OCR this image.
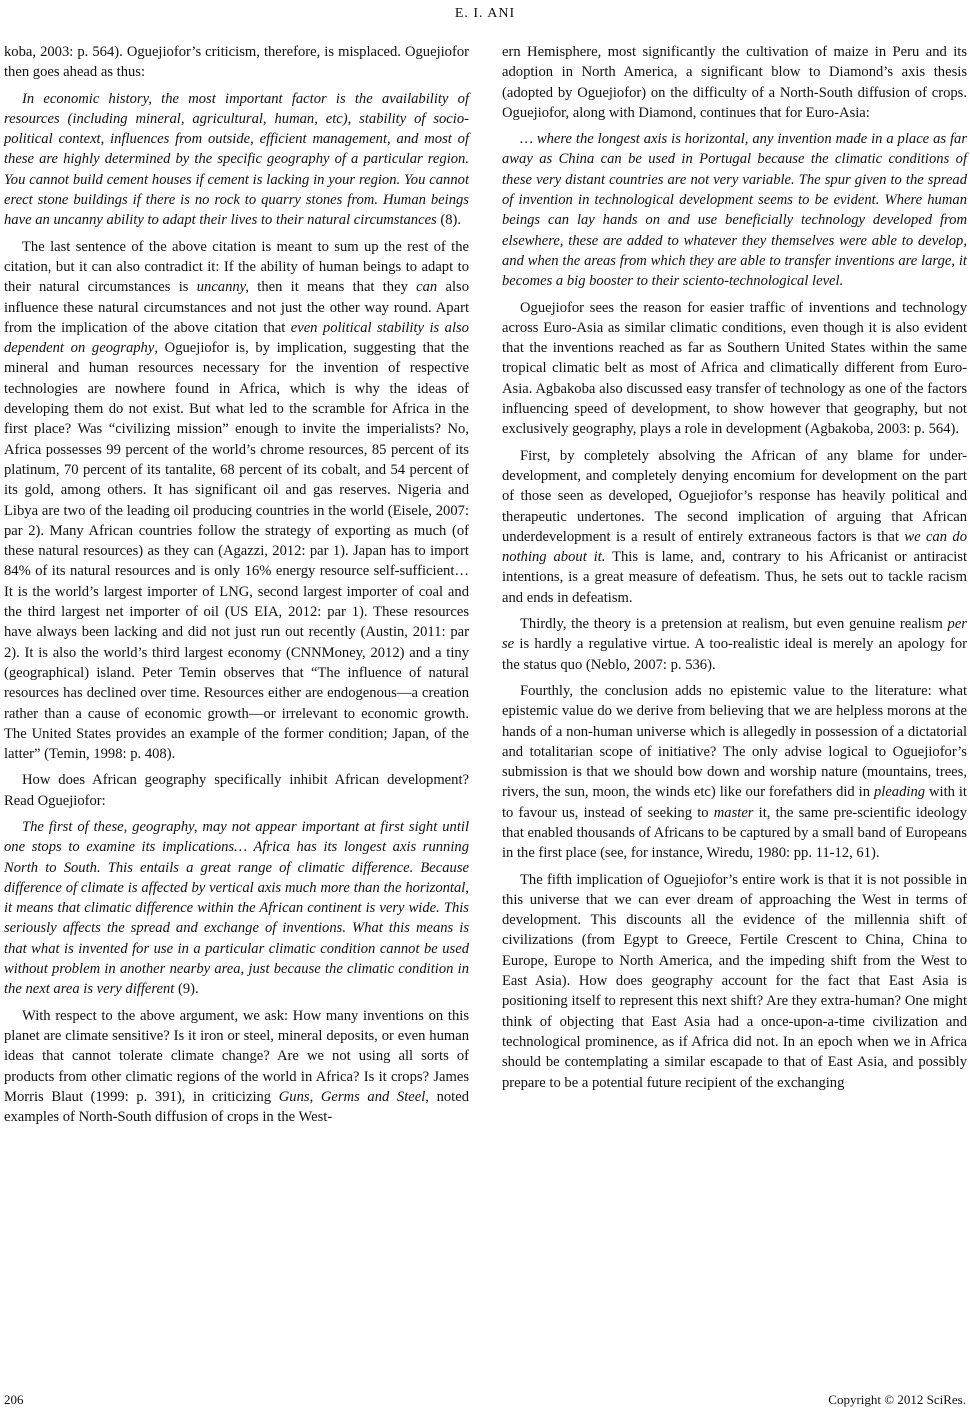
E. I. ANI

koba, 2003: p. 564). Oguejiofor’s criticism, therefore, is misplaced. Oguejiofor then goes ahead as thus:

In economic history, the most important factor is the availability of resources (including mineral, agricultural, human, etc), stability of socio-political context, influences from outside, efficient management, and most of these are highly determined by the specific geography of a particular region. You cannot build cement houses if cement is lacking in your region. You cannot erect stone buildings if there is no rock to quarry stones from. Human beings have an uncanny ability to adapt their lives to their natural circumstances (8).

The last sentence of the above citation is meant to sum up the rest of the citation, but it can also contradict it: If the ability of human beings to adapt to their natural circumstances is uncanny, then it means that they can also influence these natural circumstances and not just the other way round. Apart from the implication of the above citation that even political stability is also dependent on geography, Oguejiofor is, by implication, suggesting that the mineral and human resources necessary for the invention of respective technologies are nowhere found in Africa, which is why the ideas of developing them do not exist. But what led to the scramble for Africa in the first place? Was “civilizing mission” enough to invite the imperialists? No, Africa possesses 99 percent of the world’s chrome resources, 85 percent of its platinum, 70 percent of its tantalite, 68 percent of its cobalt, and 54 percent of its gold, among others. It has significant oil and gas reserves. Nigeria and Libya are two of the leading oil producing countries in the world (Eisele, 2007: par 2). Many African countries follow the strategy of exporting as much (of these natural resources) as they can (Agazzi, 2012: par 1). Japan has to import 84% of its natural resources and is only 16% energy resource self-sufficient… It is the world’s largest importer of LNG, second largest importer of coal and the third largest net importer of oil (US EIA, 2012: par 1). These resources have always been lacking and did not just run out recently (Austin, 2011: par 2). It is also the world’s third largest economy (CNNMoney, 2012) and a tiny (geographical) island. Peter Temin observes that “The influence of natural resources has declined over time. Resources either are endogenous—a creation rather than a cause of economic growth—or irrelevant to economic growth. The United States provides an example of the former condition; Japan, of the latter” (Temin, 1998: p. 408).

How does African geography specifically inhibit African development? Read Oguejiofor:

The first of these, geography, may not appear important at first sight until one stops to examine its implications… Africa has its longest axis running North to South. This entails a great range of climatic difference. Because difference of climate is affected by vertical axis much more than the horizontal, it means that climatic difference within the African continent is very wide. This seriously affects the spread and exchange of inventions. What this means is that what is invented for use in a particular climatic condition cannot be used without problem in another nearby area, just because the climatic condition in the next area is very different (9).

With respect to the above argument, we ask: How many inventions on this planet are climate sensitive? Is it iron or steel, mineral deposits, or even human ideas that cannot tolerate climate change? Are we not using all sorts of products from other climatic regions of the world in Africa? Is it crops? James Morris Blaut (1999: p. 391), in criticizing Guns, Germs and Steel, noted examples of North-South diffusion of crops in the West-

ern Hemisphere, most significantly the cultivation of maize in Peru and its adoption in North America, a significant blow to Diamond’s axis thesis (adopted by Oguejiofor) on the difficulty of a North-South diffusion of crops. Oguejiofor, along with Diamond, continues that for Euro-Asia:

… where the longest axis is horizontal, any invention made in a place as far away as China can be used in Portugal because the climatic conditions of these very distant countries are not very variable. The spur given to the spread of invention in technological development seems to be evident. Where human beings can lay hands on and use beneficially technology developed from elsewhere, these are added to whatever they themselves were able to develop, and when the areas from which they are able to transfer inventions are large, it becomes a big booster to their sciento-technological level.

Oguejiofor sees the reason for easier traffic of inventions and technology across Euro-Asia as similar climatic conditions, even though it is also evident that the inventions reached as far as Southern United States within the same tropical climatic belt as most of Africa and climatically different from Euro-Asia. Agbakoba also discussed easy transfer of technology as one of the factors influencing speed of development, to show however that geography, but not exclusively geography, plays a role in development (Agbakoba, 2003: p. 564).

First, by completely absolving the African of any blame for under-development, and completely denying encomium for development on the part of those seen as developed, Oguejiofor’s response has heavily political and therapeutic undertones. The second implication of arguing that African underdevelopment is a result of entirely extraneous factors is that we can do nothing about it. This is lame, and, contrary to his Africanist or antiracist intentions, is a great measure of defeatism. Thus, he sets out to tackle racism and ends in defeatism.

Thirdly, the theory is a pretension at realism, but even genuine realism per se is hardly a regulative virtue. A too-realistic ideal is merely an apology for the status quo (Neblo, 2007: p. 536).

Fourthly, the conclusion adds no epistemic value to the literature: what epistemic value do we derive from believing that we are helpless morons at the hands of a non-human universe which is allegedly in possession of a dictatorial and totalitarian scope of initiative? The only advise logical to Oguejiofor’s submission is that we should bow down and worship nature (mountains, trees, rivers, the sun, moon, the winds etc) like our forefathers did in pleading with it to favour us, instead of seeking to master it, the same pre-scientific ideology that enabled thousands of Africans to be captured by a small band of Europeans in the first place (see, for instance, Wiredu, 1980: pp. 11-12, 61).

The fifth implication of Oguejiofor’s entire work is that it is not possible in this universe that we can ever dream of approaching the West in terms of development. This discounts all the evidence of the millennia shift of civilizations (from Egypt to Greece, Fertile Crescent to China, China to Europe, Europe to North America, and the impeding shift from the West to East Asia). How does geography account for the fact that East Asia is positioning itself to represent this next shift? Are they extra-human? One might think of objecting that East Asia had a once-upon-a-time civilization and technological prominence, as if Africa did not. In an epoch when we in Africa should be contemplating a similar escapade to that of East Asia, and possibly prepare to be a potential future recipient of the exchanging

206	Copyright © 2012 SciRes.
